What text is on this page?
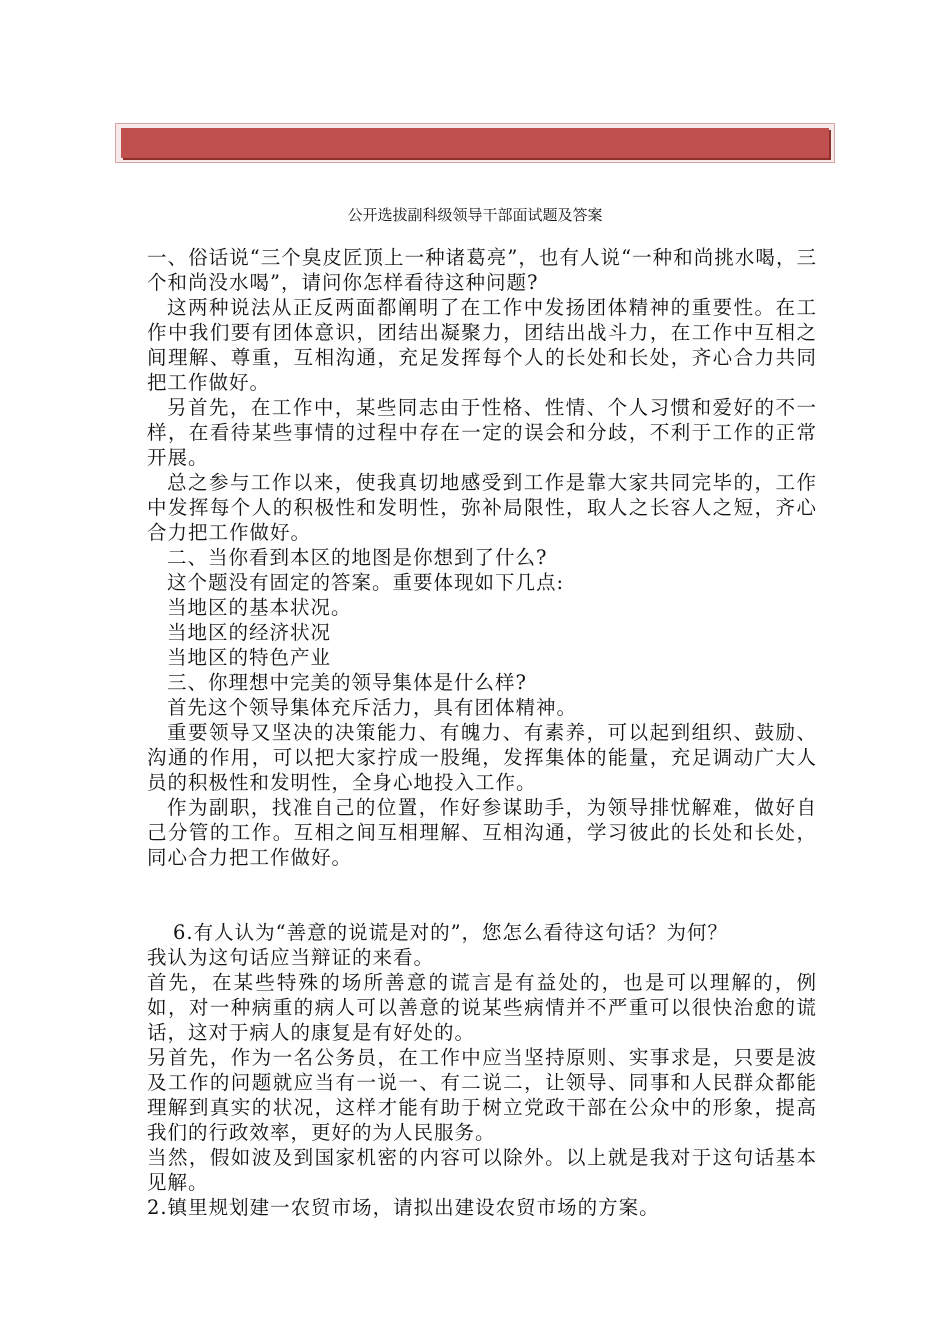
公开选拔副科级领导干部面试题及答案

一、俗话说“三个臭皮匠顶上一种诸葛亮”，也有人说“一种和尚挑水喝，三个和尚没水喝”，请问你怎样看待这种问题?

这两种说法从正反两面都阐明了在工作中发扬团体精神的重要性。在工作中我们要有团体意识，团结出凝聚力，团结出战斗力，在工作中互相之间理解、尊重，互相沟通，充足发挥每个人的长处和长处，齐心合力共同把工作做好。

另首先，在工作中，某些同志由于性格、性情、个人习惯和爱好的不一样，在看待某些事情的过程中存在一定的误会和分歧，不利于工作的正常开展。

总之参与工作以来，使我真切地感受到工作是靠大家共同完毕的，工作中发挥每个人的积极性和发明性，弥补局限性，取人之长容人之短，齐心合力把工作做好。

二、当你看到本区的地图是你想到了什么?

这个题没有固定的答案。重要体现如下几点:

当地区的基本状况。

当地区的经济状况

当地区的特色产业

三、你理想中完美的领导集体是什么样?

首先这个领导集体充斥活力，具有团体精神。

重要领导又坚决的决策能力、有魄力、有素养，可以起到组织、鼓励、沟通的作用，可以把大家拧成一股绳，发挥集体的能量，充足调动广大人员的积极性和发明性，全身心地投入工作。

作为副职，找准自己的位置，作好参谋助手，为领导排忧解难，做好自己分管的工作。互相之间互相理解、互相沟通，学习彼此的长处和长处，同心合力把工作做好。

6.有人认为“善意的说谎是对的”，您怎么看待这句话？为何？

我认为这句话应当辩证的来看。

首先，在某些特殊的场所善意的谎言是有益处的，也是可以理解的，例如，对一种病重的病人可以善意的说某些病情并不严重可以很快治愈的谎话，这对于病人的康复是有好处的。

另首先，作为一名公务员，在工作中应当坚持原则、实事求是，只要是波及工作的问题就应当有一说一、有二说二，让领导、同事和人民群众都能理解到真实的状况，这样才能有助于树立党政干部在公众中的形象，提高我们的行政效率，更好的为人民服务。

当然，假如波及到国家机密的内容可以除外。以上就是我对于这句话基本见解。

2.镇里规划建一农贸市场，请拟出建设农贸市场的方案。
